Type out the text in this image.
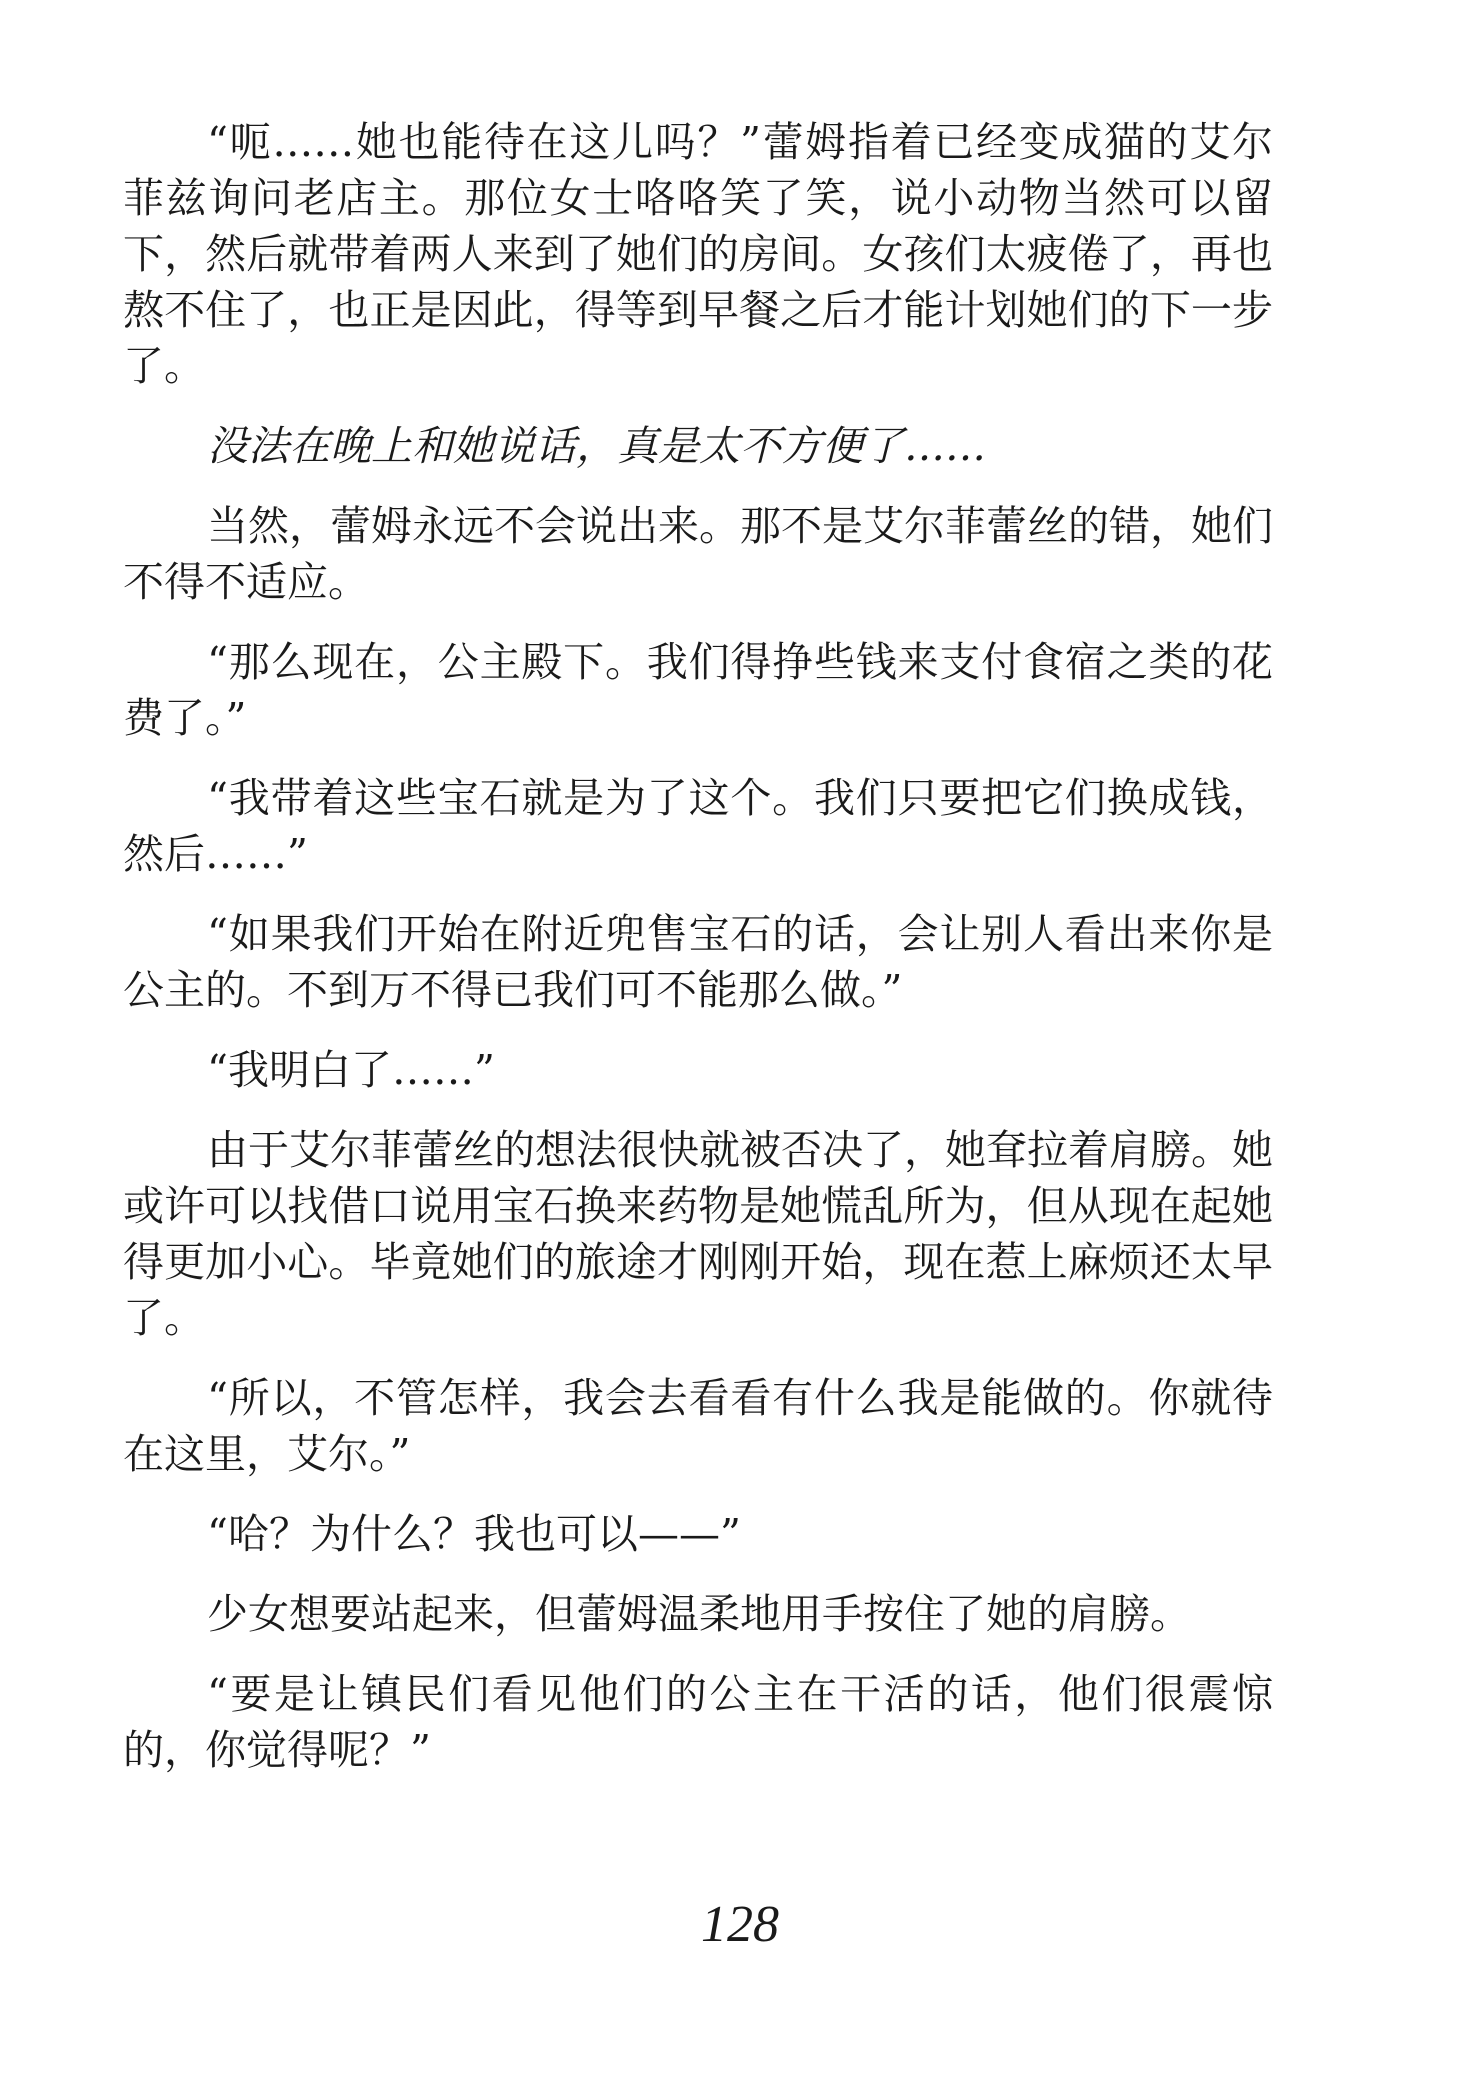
“呃……她也能待在这儿吗？”蕾姆指着已经变成猫的艾尔菲兹询问老店主。那位女士咯咯笑了笑，说小动物当然可以留下，然后就带着两人来到了她们的房间。女孩们太疲倦了，再也熬不住了，也正是因此，得等到早餐之后才能计划她们的下一步了。

没法在晚上和她说话，真是太不方便了……

当然，蕾姆永远不会说出来。那不是艾尔菲蕾丝的错，她们不得不适应。

“那么现在，公主殿下。我们得挣些钱来支付食宿之类的花费了。”

“我带着这些宝石就是为了这个。我们只要把它们换成钱，然后……”

“如果我们开始在附近兜售宝石的话，会让别人看出来你是公主的。不到万不得已我们可不能那么做。”

“我明白了……”

由于艾尔菲蕾丝的想法很快就被否决了，她耷拉着肩膀。她或许可以找借口说用宝石换来药物是她慌乱所为，但从现在起她得更加小心。毕竟她们的旅途才刚刚开始，现在惹上麻烦还太早了。

“所以，不管怎样，我会去看看有什么我是能做的。你就待在这里，艾尔。”

“哈？为什么？我也可以——”

少女想要站起来，但蕾姆温柔地用手按住了她的肩膀。

“要是让镇民们看见他们的公主在干活的话，他们很震惊的，你觉得呢？”

128
